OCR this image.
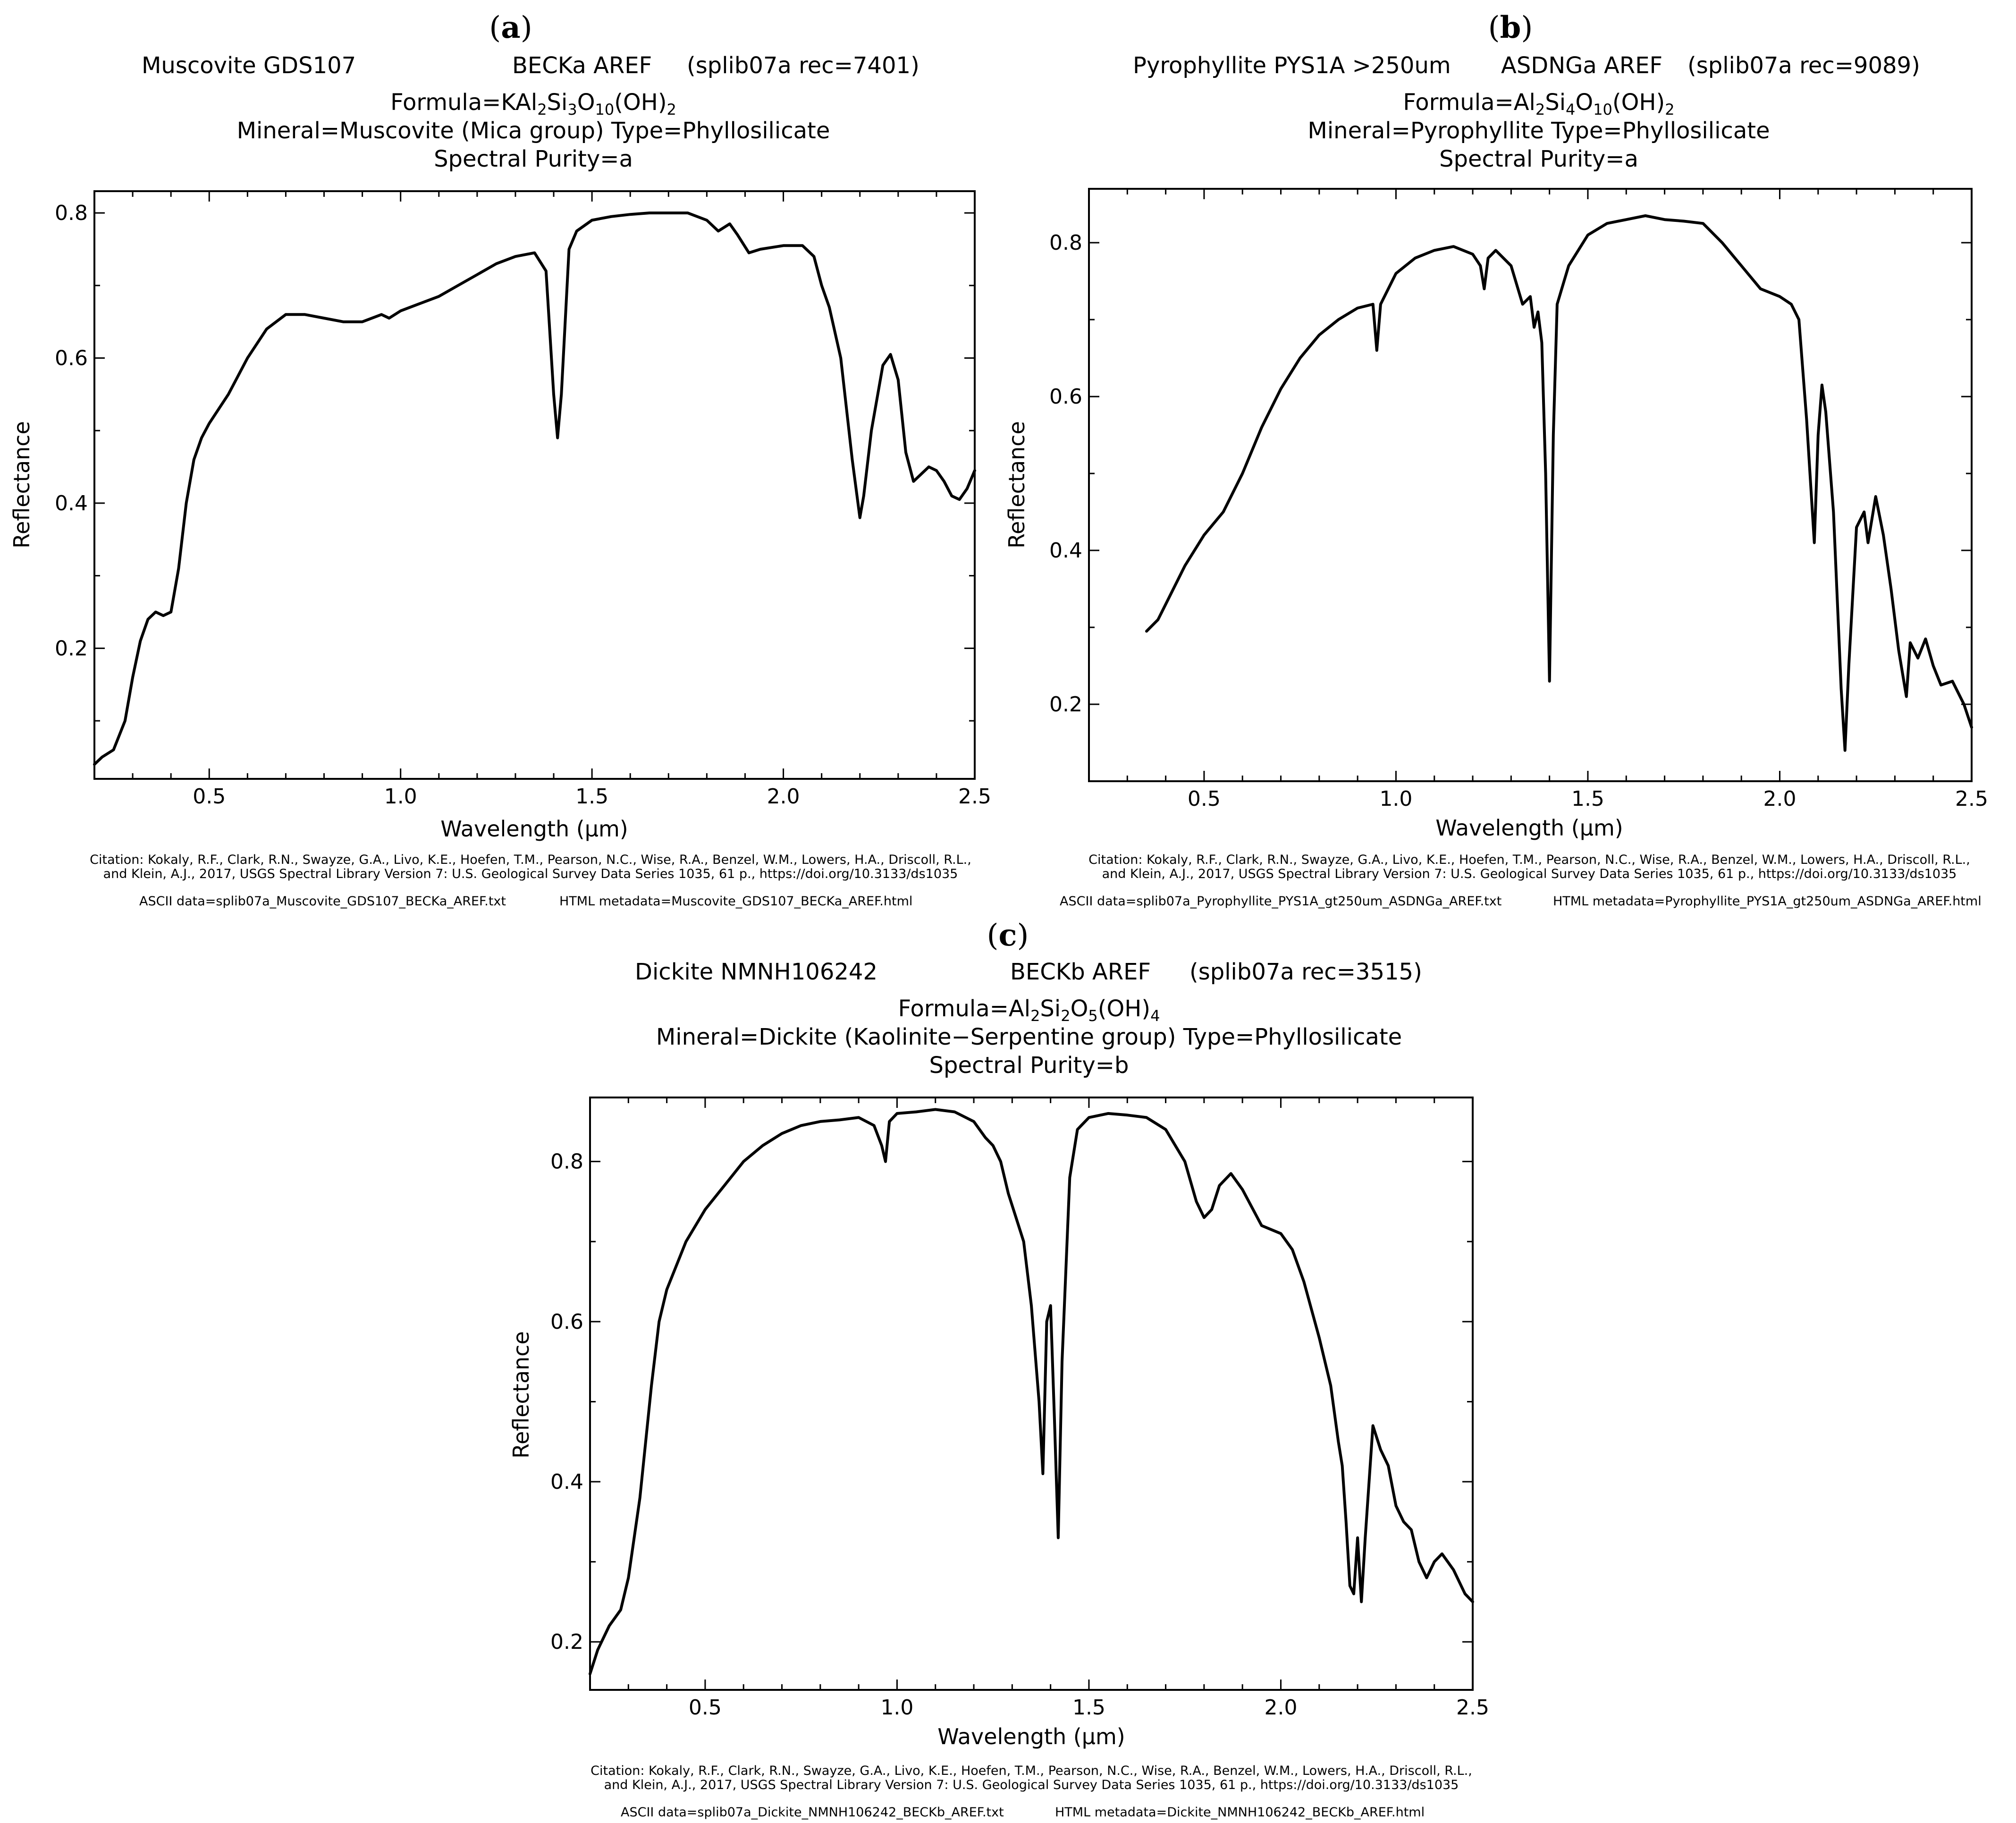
(a)
Muscovite GDS107	BECKa AREF (splib07a rec=7401)
Formula=KAl2Si3O10(OH)2
Mineral=Muscovite (Mica group) Type=Phyllosilicate
Spectral Purity=a
0.5	1.0	1.5	2.0	2.5
0.2
0.4
0.6
0.8
Wavelength (μm)
Reflectance
Citation: Kokaly, R.F., Clark, R.N., Swayze, G.A., Livo, K.E., Hoefen, T.M., Pearson, N.C., Wise, R.A., Benzel, W.M., Lowers, H.A., Driscoll, R.L.,
and Klein, A.J., 2017, USGS Spectral Library Version 7: U.S. Geological Survey Data Series 1035, 61 p., https://doi.org/10.3133/ds1035
ASCII data=splib07a_Muscovite_GDS107_BECKa_AREF.txt	HTML metadata=Muscovite_GDS107_BECKa_AREF.html
(b)
Pyrophyllite PYS1A >250um ASDNGa AREF (splib07a rec=9089)
Formula=Al2Si4O10(OH)2
Mineral=Pyrophyllite Type=Phyllosilicate
Spectral Purity=a
0.5	1.0	1.5	2.0	2.5
0.2
0.4
0.6
0.8
Wavelength (μm)
Reflectance
Citation: Kokaly, R.F., Clark, R.N., Swayze, G.A., Livo, K.E., Hoefen, T.M., Pearson, N.C., Wise, R.A., Benzel, W.M., Lowers, H.A., Driscoll, R.L.,
and Klein, A.J., 2017, USGS Spectral Library Version 7: U.S. Geological Survey Data Series 1035, 61 p., https://doi.org/10.3133/ds1035
ASCII data=splib07a_Pyrophyllite_PYS1A_gt250um_ASDNGa_AREF.txt	HTML metadata=Pyrophyllite_PYS1A_gt250um_ASDNGa_AREF.html
(c)
Dickite NMNH106242	BECKb AREF (splib07a rec=3515)
Formula=Al2Si2O5(OH)4
Mineral=Dickite (Kaolinite−Serpentine group) Type=Phyllosilicate
Spectral Purity=b
0.5	1.0	1.5	2.0	2.5
0.2
0.4
0.6
0.8
Wavelength (μm)
Reflectance
Citation: Kokaly, R.F., Clark, R.N., Swayze, G.A., Livo, K.E., Hoefen, T.M., Pearson, N.C., Wise, R.A., Benzel, W.M., Lowers, H.A., Driscoll, R.L.,
and Klein, A.J., 2017, USGS Spectral Library Version 7: U.S. Geological Survey Data Series 1035, 61 p., https://doi.org/10.3133/ds1035
ASCII data=splib07a_Dickite_NMNH106242_BECKb_AREF.txt	HTML metadata=Dickite_NMNH106242_BECKb_AREF.html
